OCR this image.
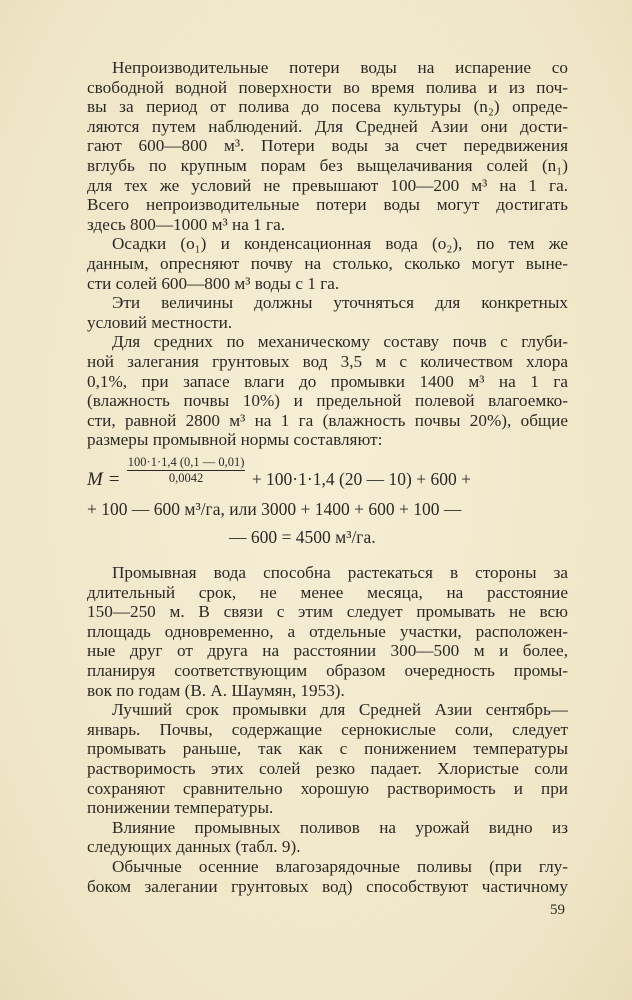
Непроизводительные потери воды на испарение со
свободной водной поверхности во время полива и из поч-
вы за период от полива до посева культуры (n₂) опреде-
ляются путем наблюдений. Для Средней Азии они дости-
гают 600—800 м³. Потери воды за счет передвижения
вглубь по крупным порам без выщелачивания солей (n₁)
для тех же условий не превышают 100—200 м³ на 1 га.
Всего непроизводительные потери воды могут достигать
здесь 800—1000 м³ на 1 га.
Осадки (o₁) и конденсационная вода (o₂), по тем же
данным, опресняют почву на столько, сколько могут выне-
сти солей 600—800 м³ воды с 1 га.
Эти величины должны уточняться для конкретных
условий местности.
Для средних по механическому составу почв с глуби-
ной залегания грунтовых вод 3,5 м с количеством хлора
0,1%, при запасе влаги до промывки 1400 м³ на 1 га
(влажность почвы 10%) и предельной полевой влагоемко-
сти, равной 2800 м³ на 1 га (влажность почвы 20%), общие
размеры промывной нормы составляют:
$M = \frac{100\cdot 1\cdot 1,4 (0,1 — 0,01)}{0,0042} + 100\cdot 1\cdot 1,4$ (20 — 10) + 600 +
+ 100 — 600 м³/га, или 3000 + 1400 + 600 + 100 —
— 600 = 4500 м³/га.
Промывная вода способна растекаться в стороны за
длительный срок, не менее месяца, на расстояние
150—250 м. В связи с этим следует промывать не всю
площадь одновременно, а отдельные участки, расположен-
ные друг от друга на расстоянии 300—500 м и более,
планируя соответствующим образом очередность промы-
вок по годам (В. А. Шаумян, 1953).
Лучший срок промывки для Средней Азии сентябрь—
январь. Почвы, содержащие сернокислые соли, следует
промывать раньше, так как с понижением температуры
растворимость этих солей резко падает. Хлористые соли
сохраняют сравнительно хорошую растворимость и при
понижении температуры.
Влияние промывных поливов на урожай видно из
следующих данных (табл. 9).
Обычные осенние влагозарядочные поливы (при глу-
боком залегании грунтовых вод) способствуют частичному
59
